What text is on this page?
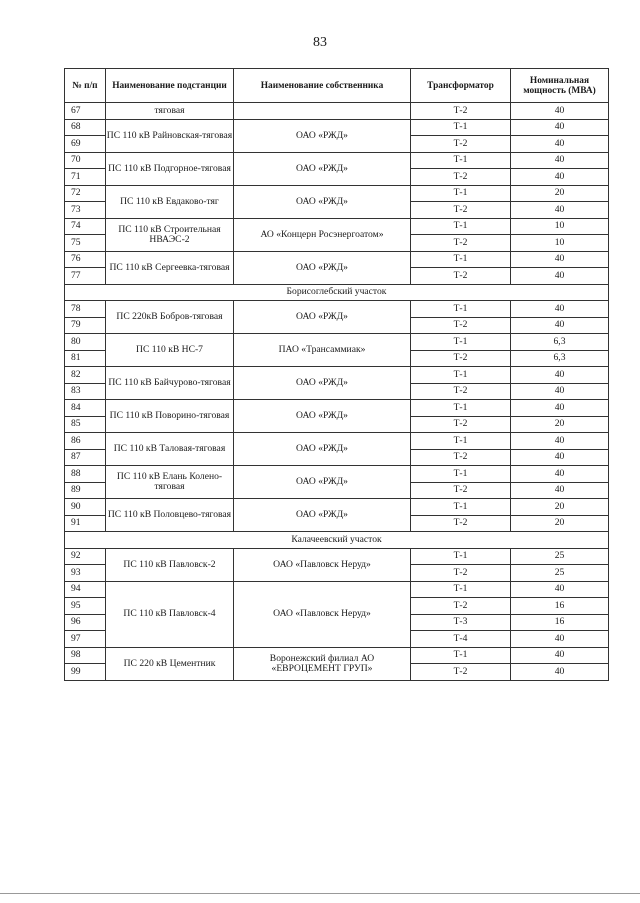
83
№ п/п	Наименование подстанции	Наименование собственника	Трансформатор	Номинальная мощность (МВА)
67	тяговая		Т-2	40
68	ПС 110 кВ Райновская-тяговая	ОАО «РЖД»	Т-1	40
69			Т-2	40
70	ПС 110 кВ Подгорное-тяговая	ОАО «РЖД»	Т-1	40
71			Т-2	40
72	ПС 110 кВ Евдаково-тяг	ОАО «РЖД»	Т-1	20
73			Т-2	40
74	ПС 110 кВ Строительная НВАЭС-2	АО «Концерн Росэнергоатом»	Т-1	10
75			Т-2	10
76	ПС 110 кВ Сергеевка-тяговая	ОАО «РЖД»	Т-1	40
77			Т-2	40
Борисоглебский участок				
78	ПС 220кВ Бобров-тяговая	ОАО «РЖД»	Т-1	40
79			Т-2	40
80	ПС 110 кВ НС-7	ПАО «Трансаммиак»	Т-1	6,3
81			Т-2	6,3
82	ПС 110 кВ Байчурово-тяговая	ОАО «РЖД»	Т-1	40
83			Т-2	40
84	ПС 110 кВ Поворино-тяговая	ОАО «РЖД»	Т-1	40
85			Т-2	20
86	ПС 110 кВ Таловая-тяговая	ОАО «РЖД»	Т-1	40
87			Т-2	40
88	ПС 110 кВ Елань Колено-тяговая	ОАО «РЖД»	Т-1	40
89			Т-2	40
90	ПС 110 кВ Половцево-тяговая	ОАО «РЖД»	Т-1	20
91			Т-2	20
Калачеевский участок				
92	ПС 110 кВ Павловск-2	ОАО «Павловск Неруд»	Т-1	25
93			Т-2	25
94	ПС 110 кВ Павловск-4	ОАО «Павловск Неруд»	Т-1	40
95			Т-2	16
96			Т-3	16
97			Т-4	40
98	ПС 220 кВ Цементник	Воронежский филиал АО «ЕВРОЦЕМЕНТ ГРУП»	Т-1	40
99			Т-2	40
